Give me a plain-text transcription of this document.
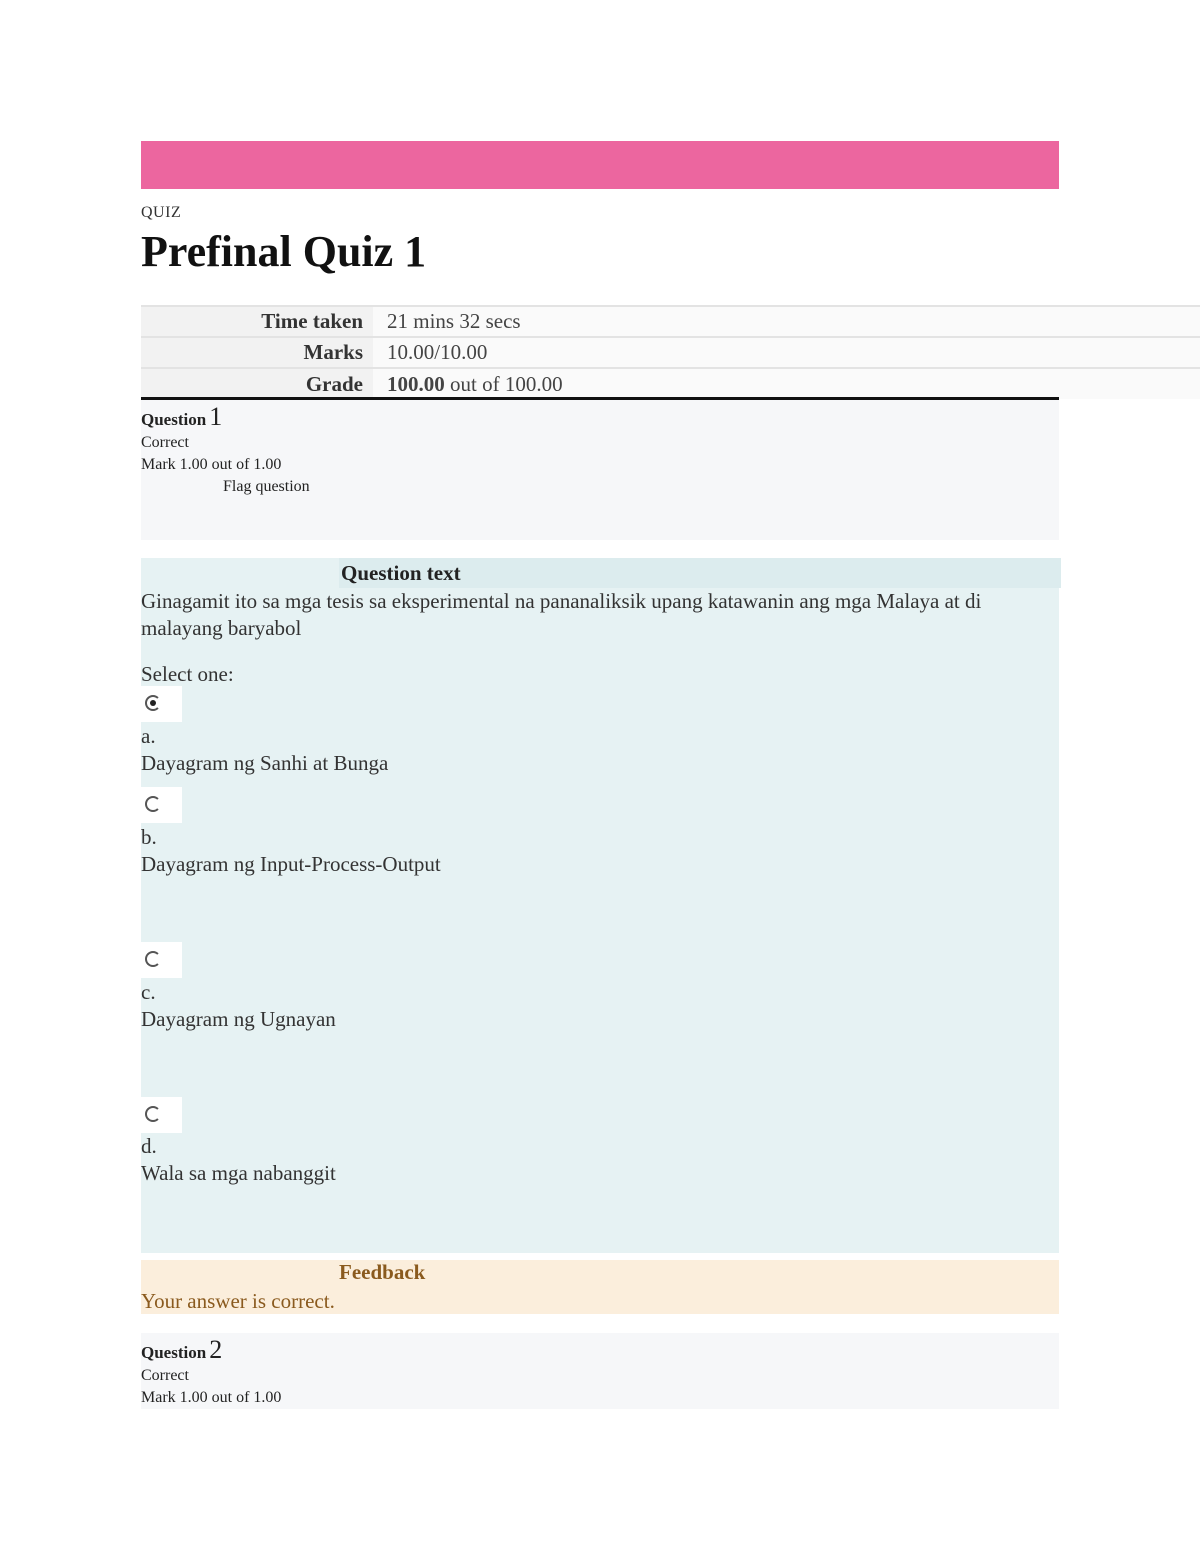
QUIZ
Prefinal Quiz 1
Time taken	21 mins 32 secs
Marks	10.00/10.00
Grade	100.00 out of 100.00
Question 1
Correct
Mark 1.00 out of 1.00
Flag question
Question text
Ginagamit ito sa mga tesis sa eksperimental na pananaliksik upang katawanin ang mga Malaya at di malayang baryabol
Select one:
a.
Dayagram ng Sanhi at Bunga
b.
Dayagram ng Input-Process-Output
c.
Dayagram ng Ugnayan
d.
Wala sa mga nabanggit
Feedback
Your answer is correct.
Question 2
Correct
Mark 1.00 out of 1.00
